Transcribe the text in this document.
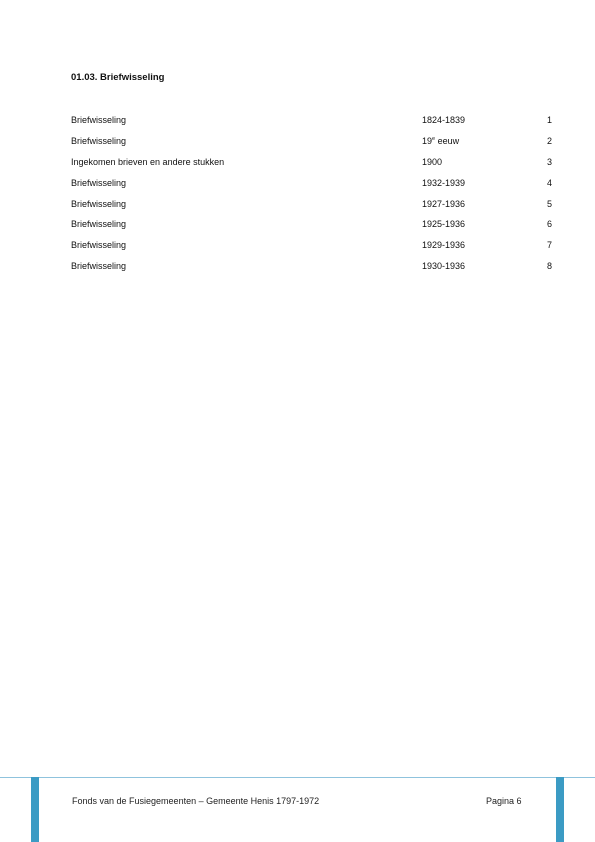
01.03. Briefwisseling
Briefwisseling	1824-1839	1
Briefwisseling	19e eeuw	2
Ingekomen brieven en andere stukken	1900	3
Briefwisseling	1932-1939	4
Briefwisseling	1927-1936	5
Briefwisseling	1925-1936	6
Briefwisseling	1929-1936	7
Briefwisseling	1930-1936	8
Fonds van de Fusiegemeenten – Gemeente Henis 1797-1972	Pagina 6
